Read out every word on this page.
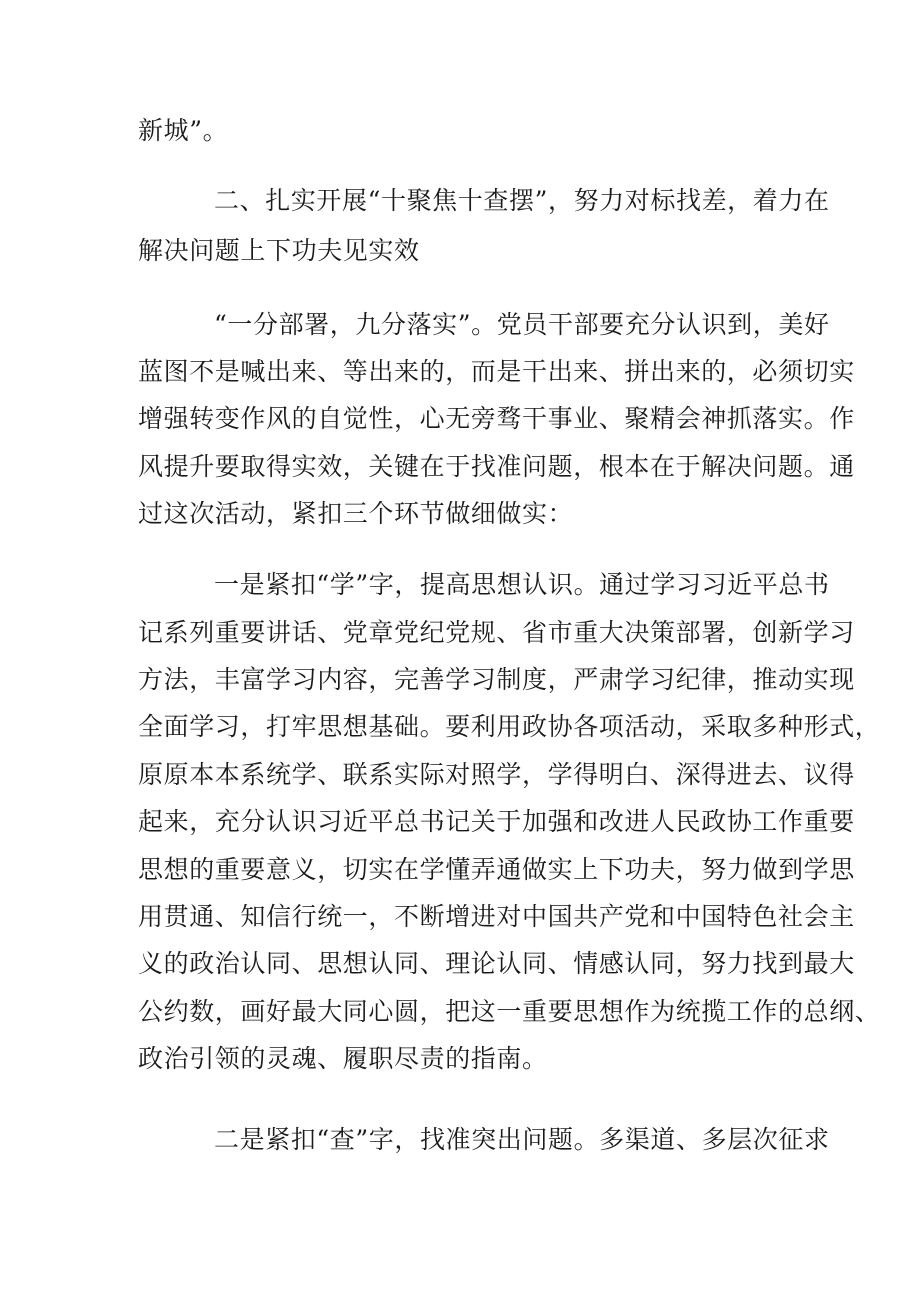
新城”。
二、扎实开展“十聚焦十查摆”，努力对标找差，着力在
解决问题上下功夫见实效
“一分部署，九分落实”。党员干部要充分认识到，美好
蓝图不是喊出来、等出来的，而是干出来、拼出来的，必须切实
增强转变作风的自觉性，心无旁骛干事业、聚精会神抓落实。作
风提升要取得实效，关键在于找准问题，根本在于解决问题。通
过这次活动，紧扣三个环节做细做实：
一是紧扣“学”字，提高思想认识。通过学习习近平总书
记系列重要讲话、党章党纪党规、省市重大决策部署，创新学习
方法，丰富学习内容，完善学习制度，严肃学习纪律，推动实现
全面学习，打牢思想基础。要利用政协各项活动，采取多种形式，
原原本本系统学、联系实际对照学，学得明白、深得进去、议得
起来，充分认识习近平总书记关于加强和改进人民政协工作重要
思想的重要意义，切实在学懂弄通做实上下功夫，努力做到学思
用贯通、知信行统一，不断增进对中国共产党和中国特色社会主
义的政治认同、思想认同、理论认同、情感认同，努力找到最大
公约数，画好最大同心圆，把这一重要思想作为统揽工作的总纲、
政治引领的灵魂、履职尽责的指南。
二是紧扣“查”字，找准突出问题。多渠道、多层次征求
